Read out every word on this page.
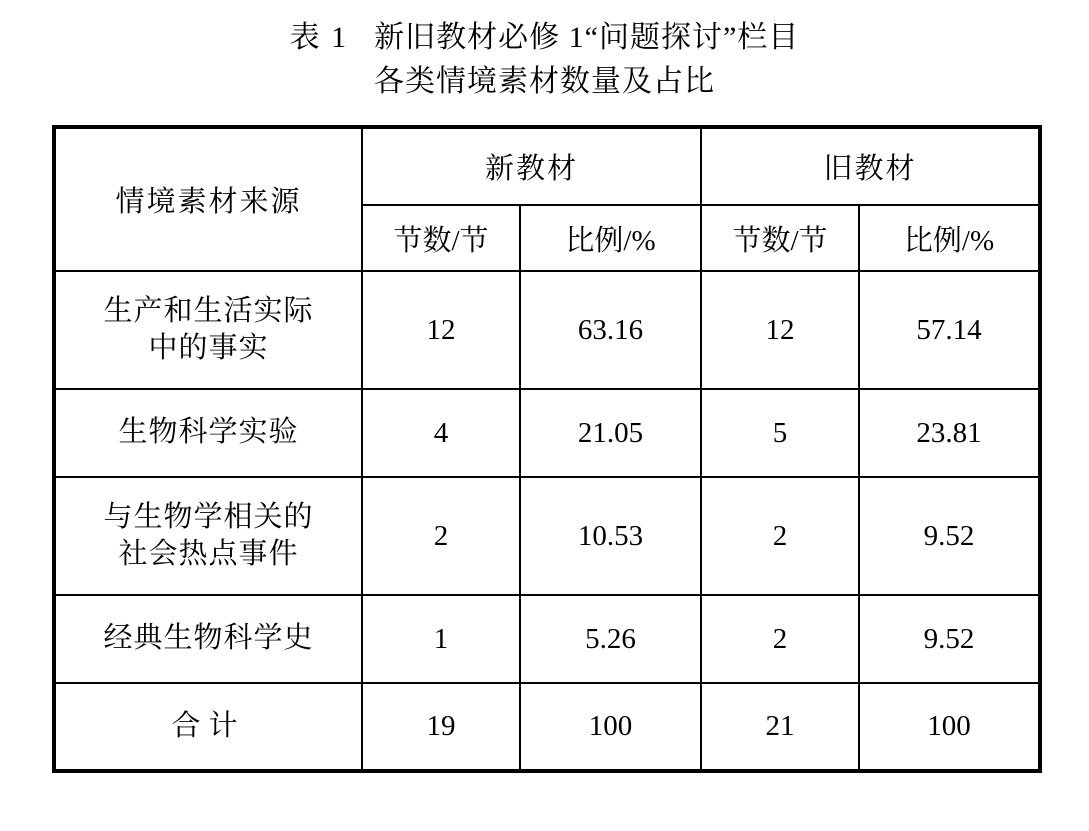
表 1 新旧教材必修 1“问题探讨”栏目
各类情境素材数量及占比
情境素材来源	新教材		旧教材	
	节数/节	比例/%	节数/节	比例/%

生产和生活实际
中的事实	12	63.16	12	57.14

生物科学实验	4	21.05	5	23.81

与生物学相关的
社会热点事件	2	10.53	2	9.52

经典生物科学史	1	5.26	2	9.52
合计	19	100	21	100
